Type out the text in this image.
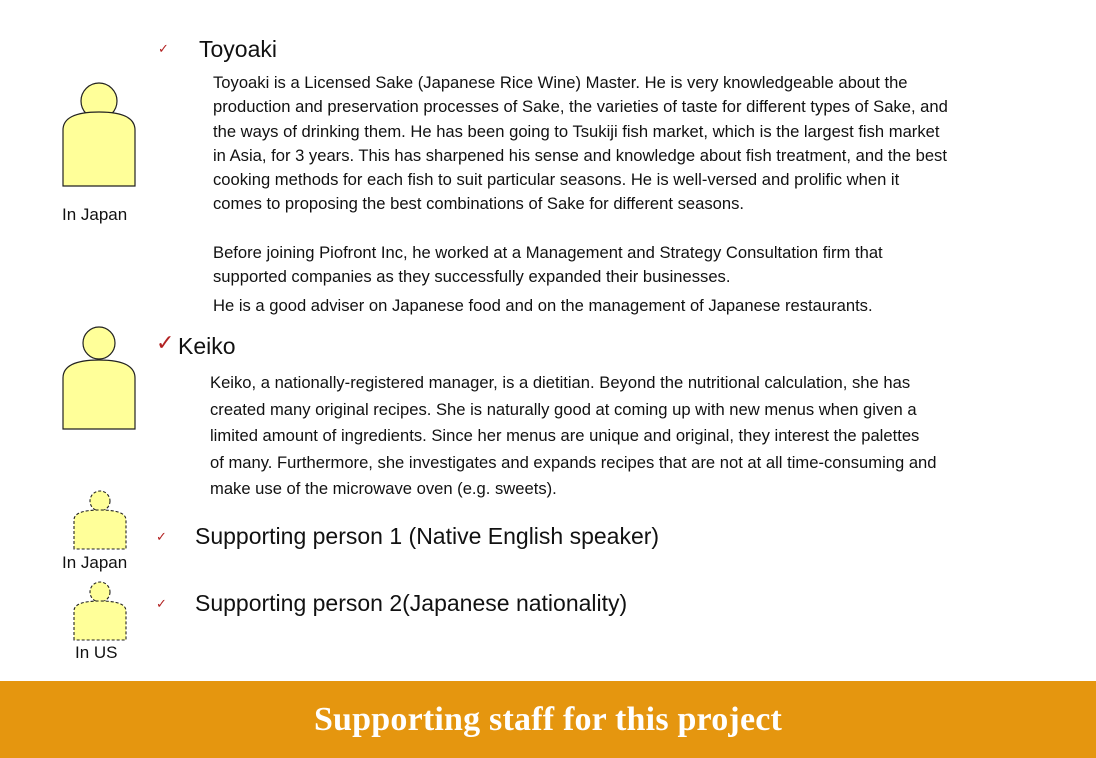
In Japan
✓ Toyoaki
Toyoaki is a Licensed Sake (Japanese Rice Wine) Master. He is very knowledgeable about the
production and preservation processes of Sake, the varieties of taste for different types of Sake, and
the ways of drinking them. He has been going to Tsukiji fish market, which is the largest fish market
in Asia, for 3 years. This has sharpened his sense and knowledge about fish treatment, and the best
cooking methods for each fish to suit particular seasons. He is well-versed and prolific when it
comes to proposing the best combinations of Sake for different seasons.
Before joining Piofront Inc, he worked at a Management and Strategy Consultation firm that
supported companies as they successfully expanded their businesses.
He is a good adviser on Japanese food and on the management of Japanese restaurants.
✓ Keiko
Keiko, a nationally-registered manager, is a dietitian. Beyond the nutritional calculation, she has
created many original recipes. She is naturally good at coming up with new menus when given a
limited amount of ingredients. Since her menus are unique and original, they interest the palettes
of many. Furthermore, she investigates and expands recipes that are not at all time-consuming and
make use of the microwave oven (e.g. sweets).
In Japan
✓ Supporting person 1 (Native English speaker)
In US
✓ Supporting person 2(Japanese nationality)
Supporting staff for this project
